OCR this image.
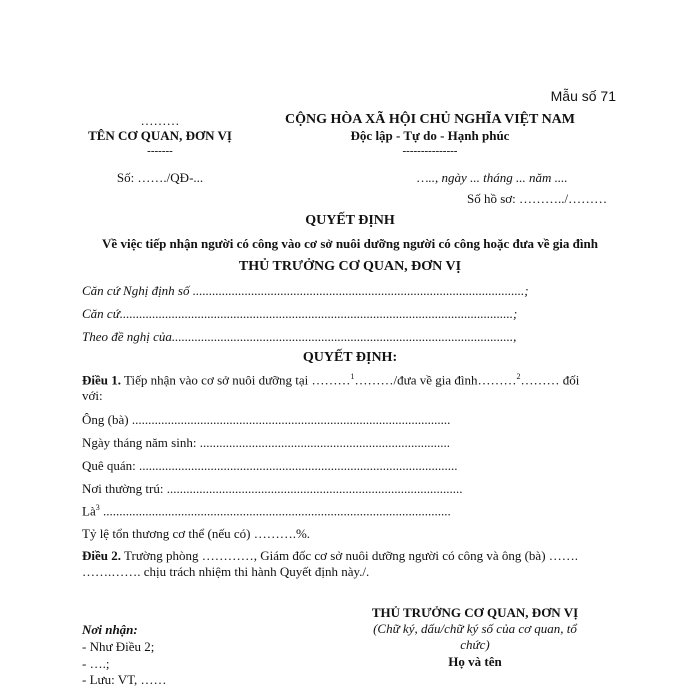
Mẫu số 71
………
TÊN CƠ QUAN, ĐƠN VỊ
-------
Số: ……./QĐ-...
CỘNG HÒA XÃ HỘI CHỦ NGHĨA VIỆT NAM
Độc lập - Tự do - Hạnh phúc
---------------
….., ngày ... tháng ... năm ....
Số hồ sơ: ………../………
QUYẾT ĐỊNH
Về việc tiếp nhận người có công vào cơ sở nuôi dưỡng người có công hoặc đưa về gia đình
THỦ TRƯỞNG CƠ QUAN, ĐƠN VỊ
Căn cứ Nghị định số ......................................................................................................;
Căn cứ.........................................................................................................................;
Theo đề nghị của.........................................................................................................,
QUYẾT ĐỊNH:
Điều 1. Tiếp nhận vào cơ sở nuôi dưỡng tại ………$^1$………/đưa về gia đình………$^2$……… đối
với:
Ông (bà) ..................................................................................................
Ngày tháng năm sinh: .............................................................................
Quê quán: ..................................................................................................
Nơi thường trú: ...........................................................................................
$Là^3$ ...........................................................................................................
Tỷ lệ tổn thương cơ thể (nếu có) ……….%.
Điều 2. Trường phòng …………, Giám đốc cơ sở nuôi dưỡng người có công và ông (bà) …….
…….……. chịu trách nhiệm thi hành Quyết định này./.
Nơi nhận:
- Như Điều 2;
- ….;
- Lưu: VT, ……
THỦ TRƯỞNG CƠ QUAN, ĐƠN VỊ
(Chữ ký, dấu/chữ ký số của cơ quan, tổ
chức)
Họ và tên
